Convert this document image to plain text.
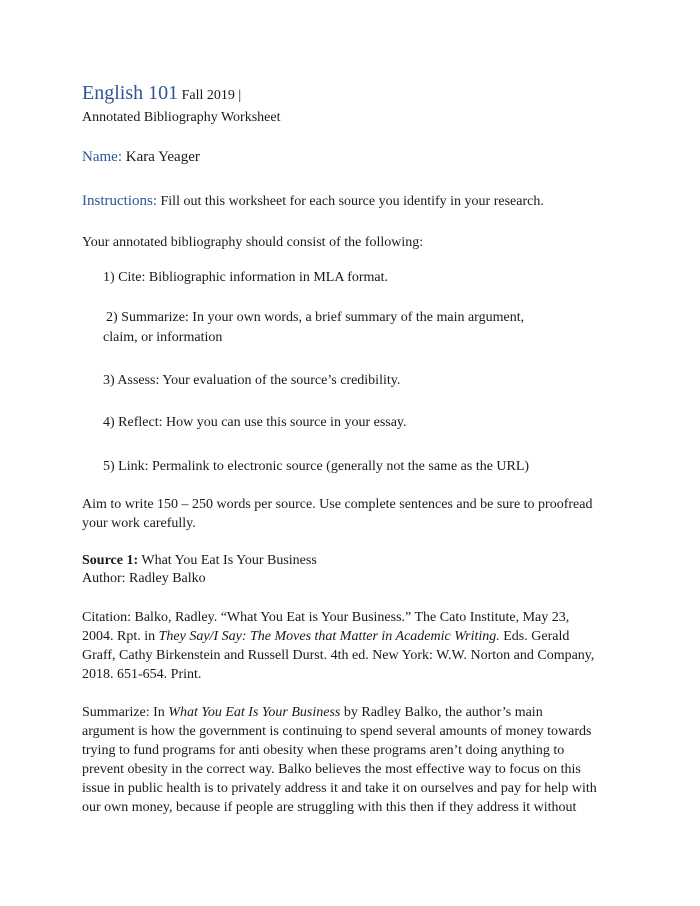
English 101 Fall 2019 |
Annotated Bibliography Worksheet
Name: Kara Yeager
Instructions: Fill out this worksheet for each source you identify in your research.
Your annotated bibliography should consist of the following:
1) Cite: Bibliographic information in MLA format.
2) Summarize: In your own words, a brief summary of the main argument,
claim, or information
3) Assess: Your evaluation of the source’s credibility.
4) Reflect: How you can use this source in your essay.
5) Link: Permalink to electronic source (generally not the same as the URL)
Aim to write 150 – 250 words per source. Use complete sentences and be sure to proofread
your work carefully.
Source 1: What You Eat Is Your Business
Author: Radley Balko
Citation: Balko, Radley. “What You Eat is Your Business.” The Cato Institute, May 23,
2004. Rpt. in They Say/I Say: The Moves that Matter in Academic Writing. Eds. Gerald
Graff, Cathy Birkenstein and Russell Durst. 4th ed. New York: W.W. Norton and Company,
2018. 651-654. Print.
Summarize: In What You Eat Is Your Business by Radley Balko, the author’s main
argument is how the government is continuing to spend several amounts of money towards
trying to fund programs for anti obesity when these programs aren’t doing anything to
prevent obesity in the correct way. Balko believes the most effective way to focus on this
issue in public health is to privately address it and take it on ourselves and pay for help with
our own money, because if people are struggling with this then if they address it without
